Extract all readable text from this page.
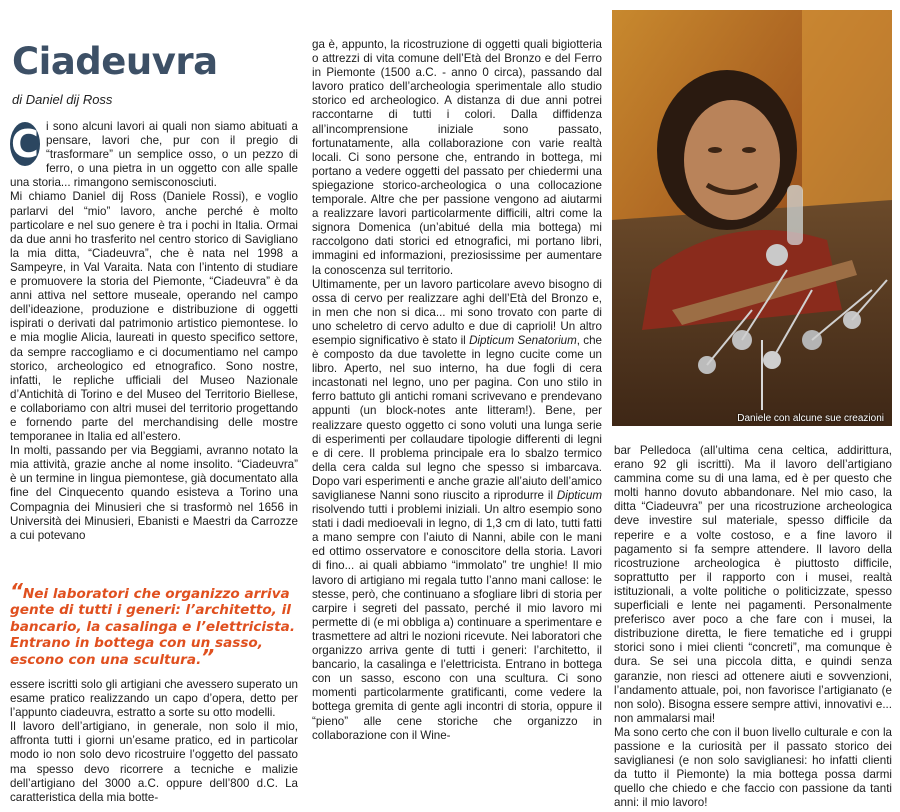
Ciadeuvra
di Daniel dij Ross

C i sono alcuni lavori ai quali non siamo abituati a pensare, lavori che, pur con il pregio di “trasformare” un semplice osso, o un pezzo di ferro, o una pietra in un oggetto con alle spalle una storia... rimangono semisconosciuti.

Mi chiamo Daniel dij Ross (Daniele Rossi), e voglio parlarvi del “mio” lavoro, anche perché è molto particolare e nel suo genere è tra i pochi in Italia. Ormai da due anni ho trasferito nel centro storico di Savigliano la mia ditta, “Ciadeuvra”, che è nata nel 1998 a Sampeyre, in Val Varaita. Nata con l’intento di studiare e promuovere la storia del Piemonte, “Ciadeuvra” è da anni attiva nel settore museale, operando nel campo dell’ideazione, produzione e distribuzione di oggetti ispirati o derivati dal patrimonio artistico piemontese. Io e mia moglie Alicia, laureati in questo specifico settore, da sempre raccogliamo e ci documentiamo nel campo storico, archeologico ed etnografico. Sono nostre, infatti, le repliche ufficiali del Museo Nazionale d’Antichità di Torino e del Museo del Territorio Biellese, e collaboriamo con altri musei del territorio progettando e fornendo parte del merchandising delle mostre temporanee in Italia ed all’estero.

In molti, passando per via Beggiami, avranno notato la mia attività, grazie anche al nome insolito. “Ciadeuvra” è un termine in lingua piemontese, già documentato alla fine del Cinquecento quando esisteva a Torino una Compagnia dei Minusieri che si trasformò nel 1656 in Università dei Minusieri, Ebanisti e Maestri da Carrozze a cui potevano

“Nei laboratori che organizzo arriva gente di tutti i generi: l’architetto, il bancario, la casalinga e l’elettricista. Entrano in bottega con un sasso, escono con una scultura.”

essere iscritti solo gli artigiani che avessero superato un esame pratico realizzando un capo d’opera, detto per l’appunto ciadeuvra, estratto a sorte su otto modelli.

Il lavoro dell’artigiano, in generale, non solo il mio, affronta tutti i giorni un’esame pratico, ed in particolar modo io non solo devo ricostruire l’oggetto del passato ma spesso devo ricorrere a tecniche e malizie dell’artigiano del 3000 a.C. oppure dell’800 d.C. La caratteristica della mia botte-

ga è, appunto, la ricostruzione di oggetti quali bigiotteria o attrezzi di vita comune dell’Età del Bronzo e del Ferro in Piemonte (1500 a.C. - anno 0 circa), passando dal lavoro pratico dell’archeologia sperimentale allo studio storico ed archeologico. A distanza di due anni potrei raccontarne di tutti i colori. Dalla diffidenza all’incomprensione iniziale sono passato, fortunatamente, alla collaborazione con varie realtà locali. Ci sono persone che, entrando in bottega, mi portano a vedere oggetti del passato per chiedermi una spiegazione storico-archeologica o una collocazione temporale. Altre che per passione vengono ad aiutarmi a realizzare lavori particolarmente difficili, altri come la signora Domenica (un’abitué della mia bottega) mi raccolgono dati storici ed etnografici, mi portano libri, immagini ed informazioni, preziosissime per aumentare la conoscenza sul territorio.

Ultimamente, per un lavoro particolare avevo bisogno di ossa di cervo per realizzare aghi dell’Età del Bronzo e, in men che non si dica... mi sono trovato con parte di uno scheletro di cervo adulto e due di caprioli! Un altro esempio significativo è stato il Dipticum Senatorium, che è composto da due tavolette in legno cucite come un libro. Aperto, nel suo interno, ha due fogli di cera incastonati nel legno, uno per pagina. Con uno stilo in ferro battuto gli antichi romani scrivevano e prendevano appunti (un block-notes ante litteram!). Bene, per realizzare questo oggetto ci sono voluti una lunga serie di esperimenti per collaudare tipologie differenti di legni e di cere. Il problema principale era lo sbalzo termico della cera calda sul legno che spesso si imbarcava. Dopo vari esperimenti e anche grazie all’aiuto dell’amico saviglianese Nanni sono riuscito a riprodurre il Dipticum risolvendo tutti i problemi iniziali. Un altro esempio sono stati i dadi medioevali in legno, di 1,3 cm di lato, tutti fatti a mano sempre con l’aiuto di Nanni, abile con le mani ed ottimo osservatore e conoscitore della storia. Lavori di fino... ai quali abbiamo “immolato” tre unghie! Il mio lavoro di artigiano mi regala tutto l’anno mani callose: le stesse, però, che continuano a sfogliare libri di storia per carpire i segreti del passato, perché il mio lavoro mi permette di (e mi obbliga a) continuare a sperimentare e trasmettere ad altri le nozioni ricevute. Nei laboratori che organizzo arriva gente di tutti i generi: l’architetto, il bancario, la casalinga e l’elettricista. Entrano in bottega con un sasso, escono con una scultura. Ci sono momenti particolarmente gratificanti, come vedere la bottega gremita di gente agli incontri di storia, oppure il “pieno” alle cene storiche che organizzo in collaborazione con il Wine-

Daniele con alcune sue creazioni

bar Pelledoca (all’ultima cena celtica, addirittura, erano 92 gli iscritti). Ma il lavoro dell’artigiano cammina come su di una lama, ed è per questo che molti hanno dovuto abbandonare. Nel mio caso, la ditta “Ciadeuvra” per una ricostruzione archeologica deve investire sul materiale, spesso difficile da reperire e a volte costoso, e a fine lavoro il pagamento si fa sempre attendere. Il lavoro della ricostruzione archeologica è piuttosto difficile, soprattutto per il rapporto con i musei, realtà istituzionali, a volte politiche o politicizzate, spesso superficiali e lente nei pagamenti. Personalmente preferisco aver poco a che fare con i musei, la distribuzione diretta, le fiere tematiche ed i gruppi storici sono i miei clienti “concreti”, ma comunque è dura. Se sei una piccola ditta, e quindi senza garanzie, non riesci ad ottenere aiuti e sovvenzioni, l’andamento attuale, poi, non favorisce l’artigianato (e non solo). Bisogna essere sempre attivi, innovativi e... non ammalarsi mai!

Ma sono certo che con il buon livello culturale e con la passione e la curiosità per il passato storico dei saviglianesi (e non solo saviglianesi: ho infatti clienti da tutto il Piemonte) la mia bottega possa darmi quello che chiedo e che faccio con passione da tanti anni: il mio lavoro!
